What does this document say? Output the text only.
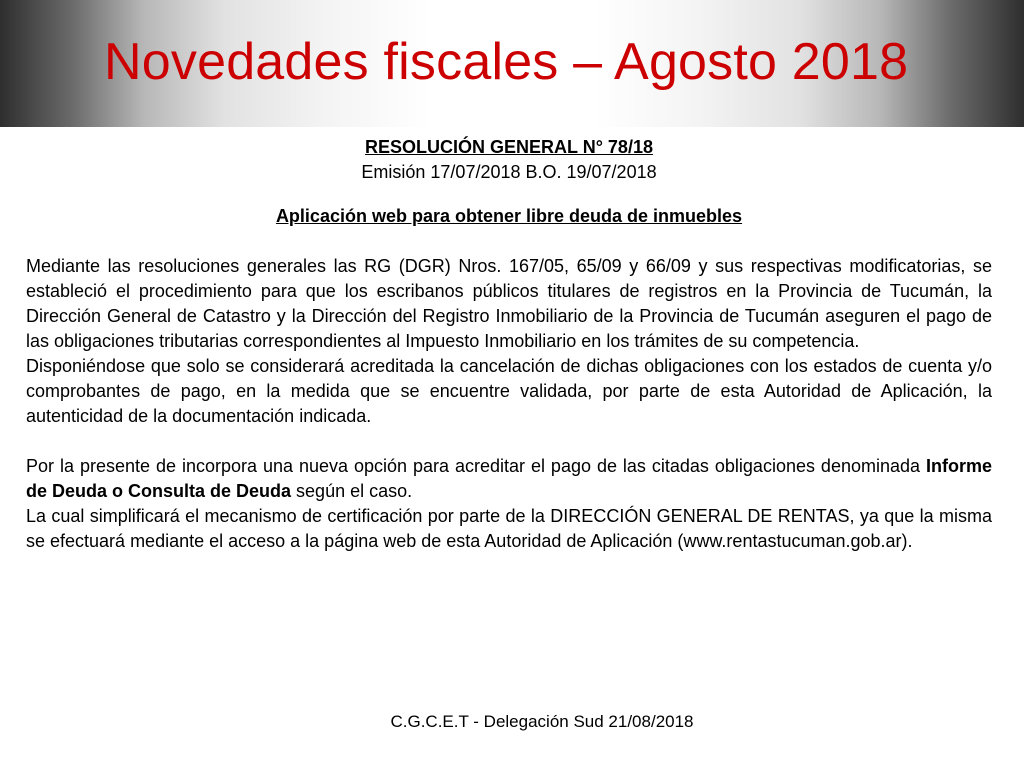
Novedades fiscales – Agosto 2018
RESOLUCIÓN GENERAL N° 78/18
Emisión 17/07/2018 B.O. 19/07/2018
Aplicación web para obtener libre deuda de inmuebles

Mediante las resoluciones generales las RG (DGR) Nros. 167/05, 65/09 y 66/09 y sus respectivas modificatorias, se estableció el procedimiento para que los escribanos públicos titulares de registros en la Provincia de Tucumán, la Dirección General de Catastro y la Dirección del Registro Inmobiliario de la Provincia de Tucumán aseguren el pago de las obligaciones tributarias correspondientes al Impuesto Inmobiliario en los trámites de su competencia.

Disponiéndose que solo se considerará acreditada la cancelación de dichas obligaciones con los estados de cuenta y/o comprobantes de pago, en la medida que se encuentre validada, por parte de esta Autoridad de Aplicación, la autenticidad de la documentación indicada.

Por la presente de incorpora una nueva opción para acreditar el pago de las citadas obligaciones denominada Informe de Deuda o Consulta de Deuda según el caso.

La cual simplificará el mecanismo de certificación por parte de la DIRECCIÓN GENERAL DE RENTAS, ya que la misma se efectuará mediante el acceso a la página web de esta Autoridad de Aplicación (www.rentastucuman.gob.ar).

C.G.C.E.T - Delegación Sud 21/08/2018
